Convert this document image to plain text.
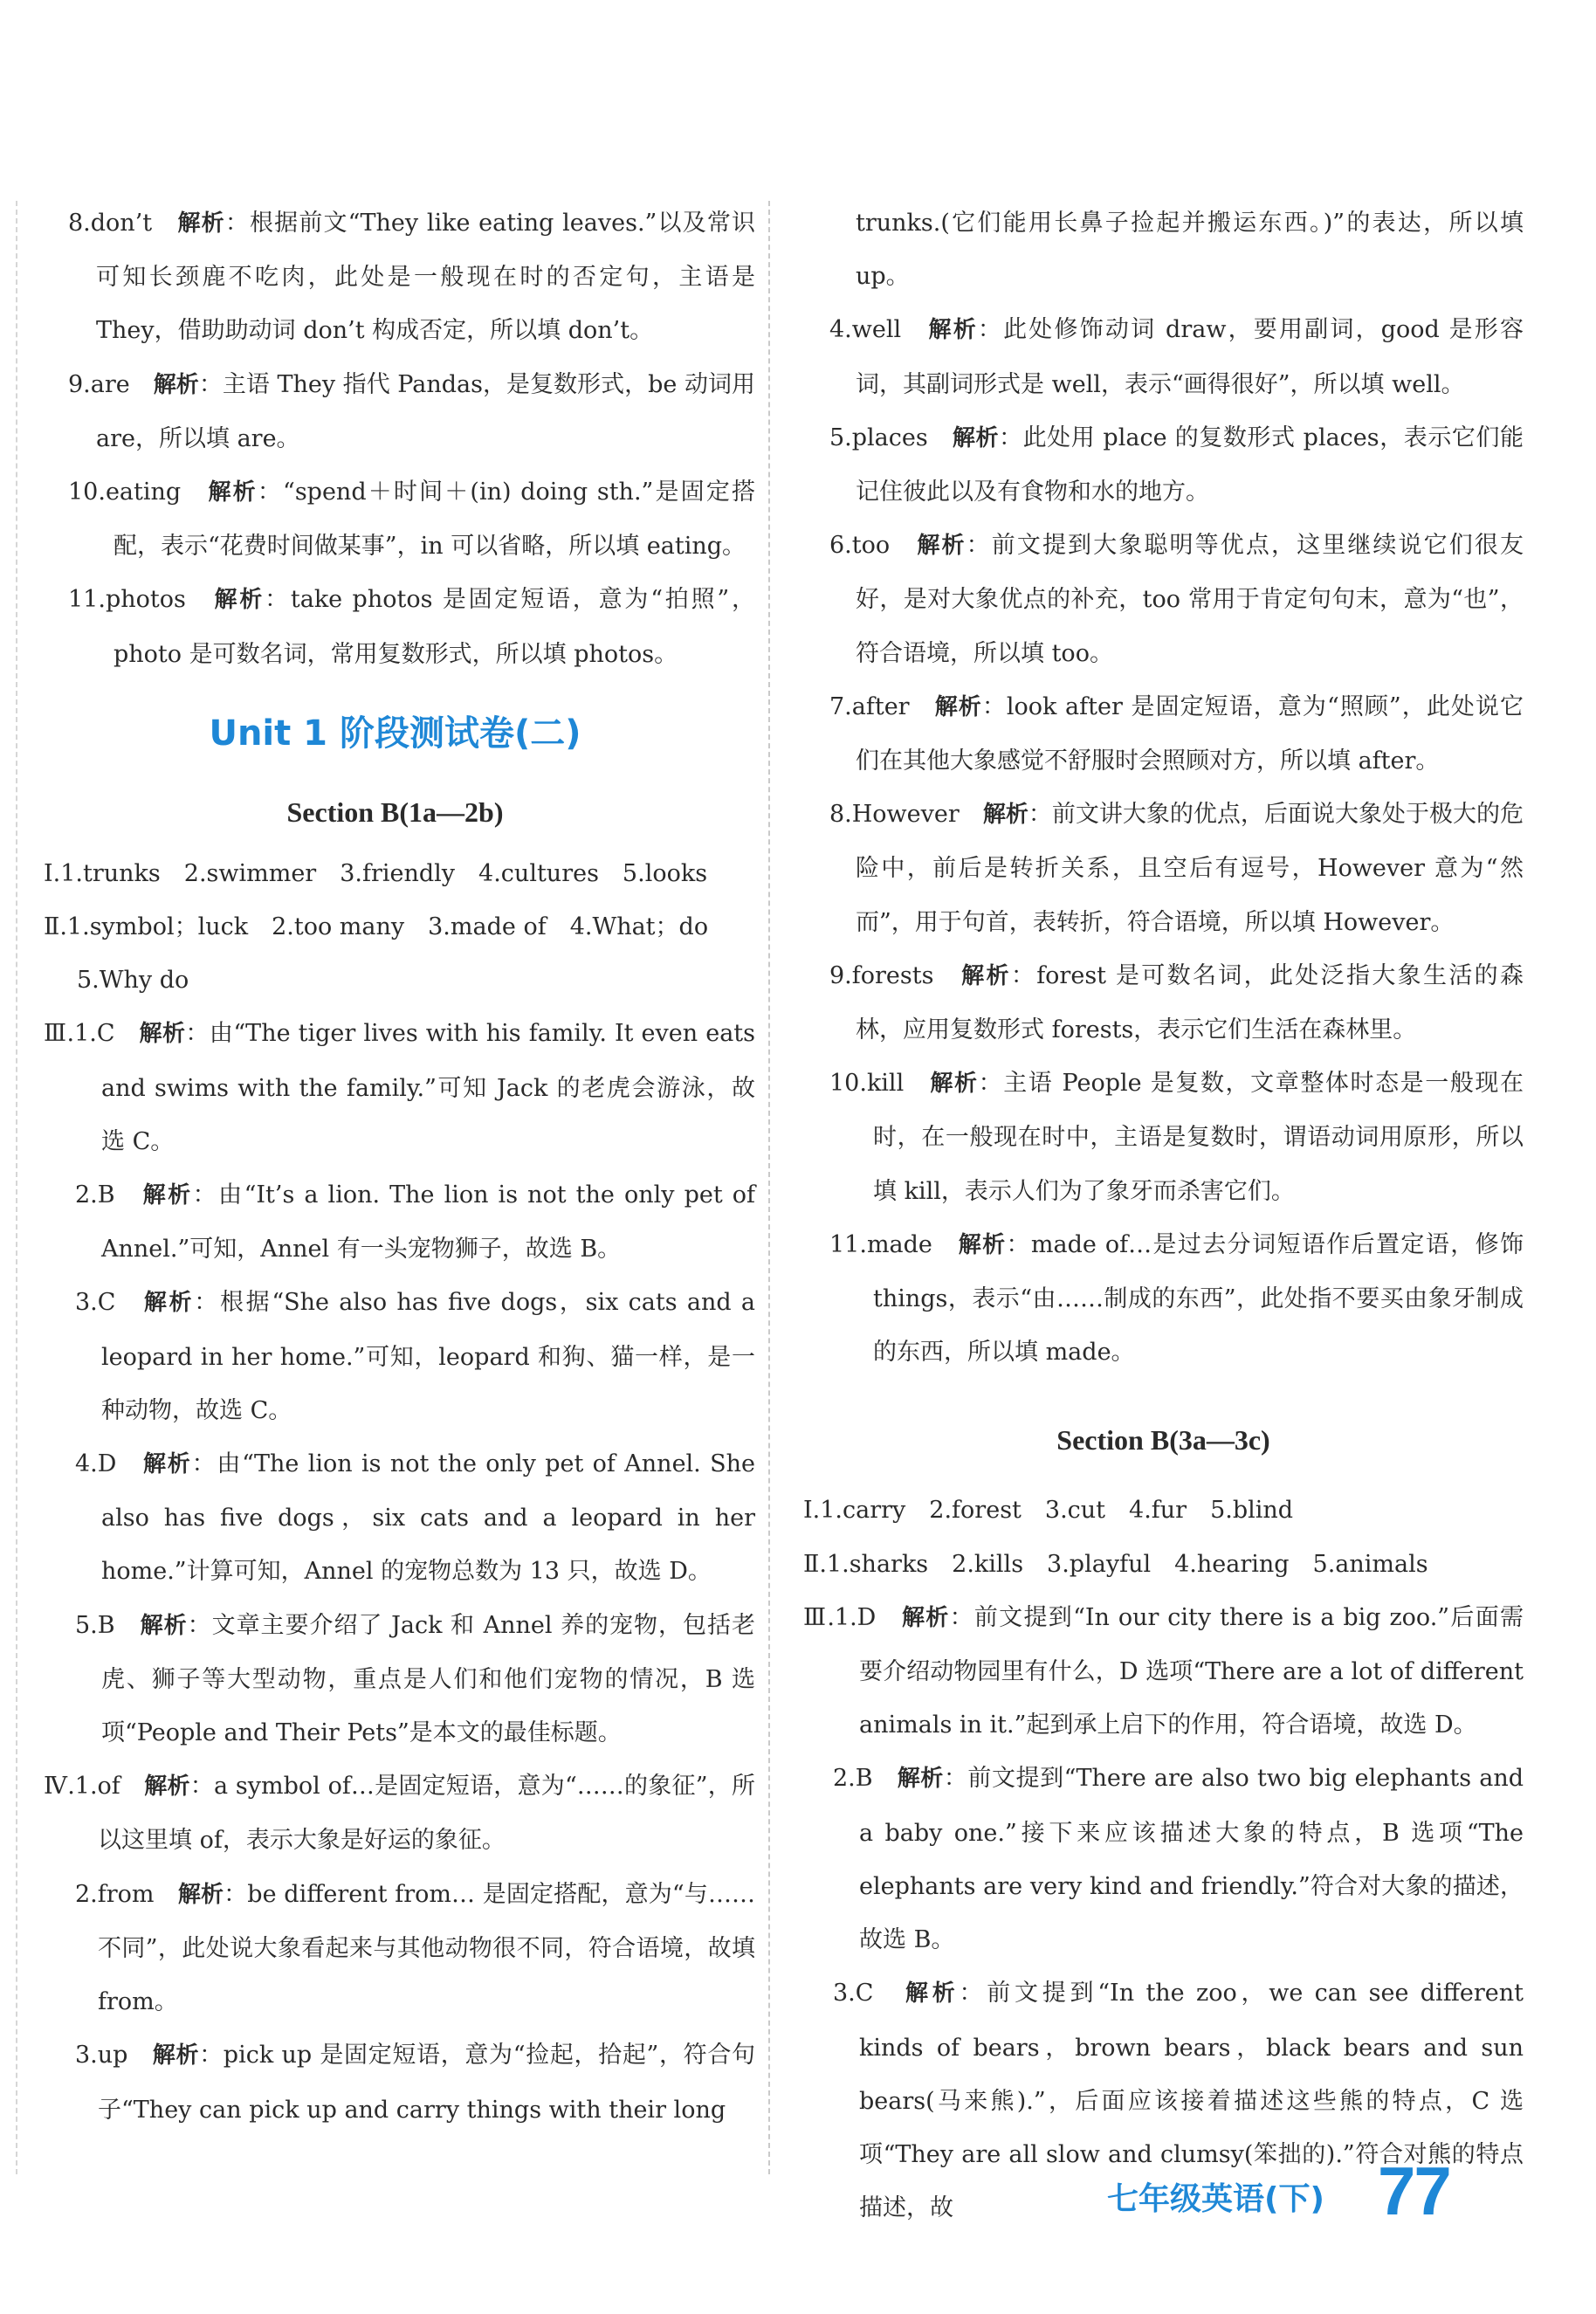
8.don’t　 解析：根据前文“They like eating leaves.”以及常识可知长颈鹿不吃肉，此处是一般现在时的否定句，主语是They，借助助动词 don’t 构成否定，所以填 don’t。

9.are　 解析：主语 They 指代 Pandas，是复数形式，be 动词用are，所以填 are。

10.eating　 解析：“spend＋时间＋(in) doing sth.”是固定搭配，表示“花费时间做某事”，in 可以省略，所以填 eating。

11.photos　 解析：take photos 是固定短语，意为“拍照”，photo 是可数名词，常用复数形式，所以填 photos。

Unit 1 阶段测试卷(二)
Section B(1a—2b)

Ⅰ.1.trunks　2.swimmer　3.friendly　4.cultures　5.looks

Ⅱ.1.symbol；luck　2.too many　3.made of　4.What；do

5.Why do

Ⅲ.1.C　 解析：由“The tiger lives with his family. It even eats and swims with the family.”可知 Jack 的老虎会游泳，故选 C。

2.B　 解析：由“It’s a lion. The lion is not the only pet of Annel.”可知，Annel 有一头宠物狮子，故选 B。

3.C　 解析：根据“She also has five dogs，six cats and a leopard in her home.”可知，leopard 和狗、猫一样，是一种动物，故选 C。

4.D　 解析：由“The lion is not the only pet of Annel. She also has five dogs，six cats and a leopard in her home.”计算可知，Annel 的宠物总数为 13 只，故选 D。

5.B　 解析：文章主要介绍了 Jack 和 Annel 养的宠物，包括老虎、狮子等大型动物，重点是人们和他们宠物的情况，B 选项“People and Their Pets”是本文的最佳标题。

Ⅳ.1.of　 解析：a symbol of…是固定短语，意为“……的象征”，所以这里填 of，表示大象是好运的象征。

2.from　 解析：be different from… 是固定搭配，意为“与……不同”，此处说大象看起来与其他动物很不同，符合语境，故填 from。

3.up　 解析：pick up 是固定短语，意为“捡起，拾起”，符合句子“They can pick up and carry things with their long

trunks.(它们能用长鼻子捡起并搬运东西。)”的表达，所以填 up。

4.well　 解析：此处修饰动词 draw，要用副词，good 是形容词，其副词形式是 well，表示“画得很好”，所以填 well。

5.places　 解析：此处用 place 的复数形式 places，表示它们能记住彼此以及有食物和水的地方。

6.too　 解析：前文提到大象聪明等优点，这里继续说它们很友好，是对大象优点的补充，too 常用于肯定句句末，意为“也”，符合语境，所以填 too。

7.after　 解析：look after 是固定短语，意为“照顾”，此处说它们在其他大象感觉不舒服时会照顾对方，所以填 after。

8.However　 解析：前文讲大象的优点，后面说大象处于极大的危险中，前后是转折关系，且空后有逗号，However 意为“然而”，用于句首，表转折，符合语境，所以填 However。

9.forests　 解析：forest 是可数名词，此处泛指大象生活的森林，应用复数形式 forests，表示它们生活在森林里。

10.kill　 解析：主语 People 是复数，文章整体时态是一般现在时，在一般现在时中，主语是复数时，谓语动词用原形，所以填 kill，表示人们为了象牙而杀害它们。

11.made　 解析：made of…是过去分词短语作后置定语，修饰 things，表示“由……制成的东西”，此处指不要买由象牙制成的东西，所以填 made。

Section B(3a—3c)

Ⅰ.1.carry　2.forest　3.cut　4.fur　5.blind

Ⅱ.1.sharks　2.kills　3.playful　4.hearing　5.animals

Ⅲ.1.D　 解析：前文提到“In our city there is a big zoo.”后面需要介绍动物园里有什么，D 选项“There are a lot of different animals in it.”起到承上启下的作用，符合语境，故选 D。

2.B　 解析：前文提到“There are also two big elephants and a baby one.”接下来应该描述大象的特点，B 选项“The elephants are very kind and friendly.”符合对大象的描述，故选 B。

3.C　 解析：前文提到“In the zoo，we can see different kinds of bears，brown bears，black bears and sun bears(马来熊).”，后面应该接着描述这些熊的特点，C 选项“They are all slow and clumsy(笨拙的).”符合对熊的特点描述，故	七年级英语(下) 77
